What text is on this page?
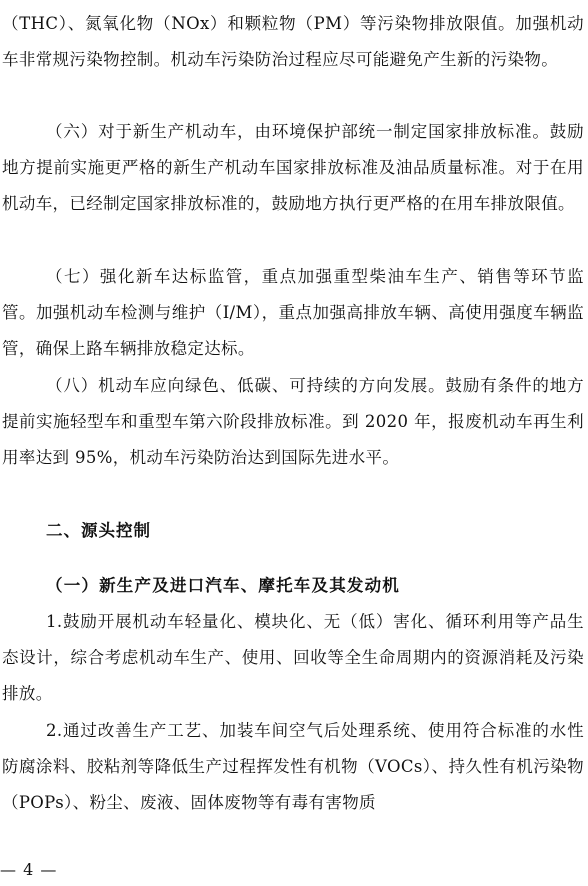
（THC）、氮氧化物（NOx）和颗粒物（PM）等污染物排放限值。加强机动车非常规污染物控制。机动车污染防治过程应尽可能避免产生新的污染物。

（六）对于新生产机动车，由环境保护部统一制定国家排放标准。鼓励地方提前实施更严格的新生产机动车国家排放标准及油品质量标准。对于在用机动车，已经制定国家排放标准的，鼓励地方执行更严格的在用车排放限值。

（七）强化新车达标监管，重点加强重型柴油车生产、销售等环节监管。加强机动车检测与维护（I/M），重点加强高排放车辆、高使用强度车辆监管，确保上路车辆排放稳定达标。

（八）机动车应向绿色、低碳、可持续的方向发展。鼓励有条件的地方提前实施轻型车和重型车第六阶段排放标准。到 2020 年，报废机动车再生利用率达到 95%，机动车污染防治达到国际先进水平。

二、源头控制
（一）新生产及进口汽车、摩托车及其发动机

1.鼓励开展机动车轻量化、模块化、无（低）害化、循环利用等产品生态设计，综合考虑机动车生产、使用、回收等全生命周期内的资源消耗及污染排放。

2.通过改善生产工艺、加装车间空气后处理系统、使用符合标准的水性防腐涂料、胶粘剂等降低生产过程挥发性有机物（VOCs）、持久性有机污染物（POPs）、粉尘、废液、固体废物等有毒有害物质

— 4 —
